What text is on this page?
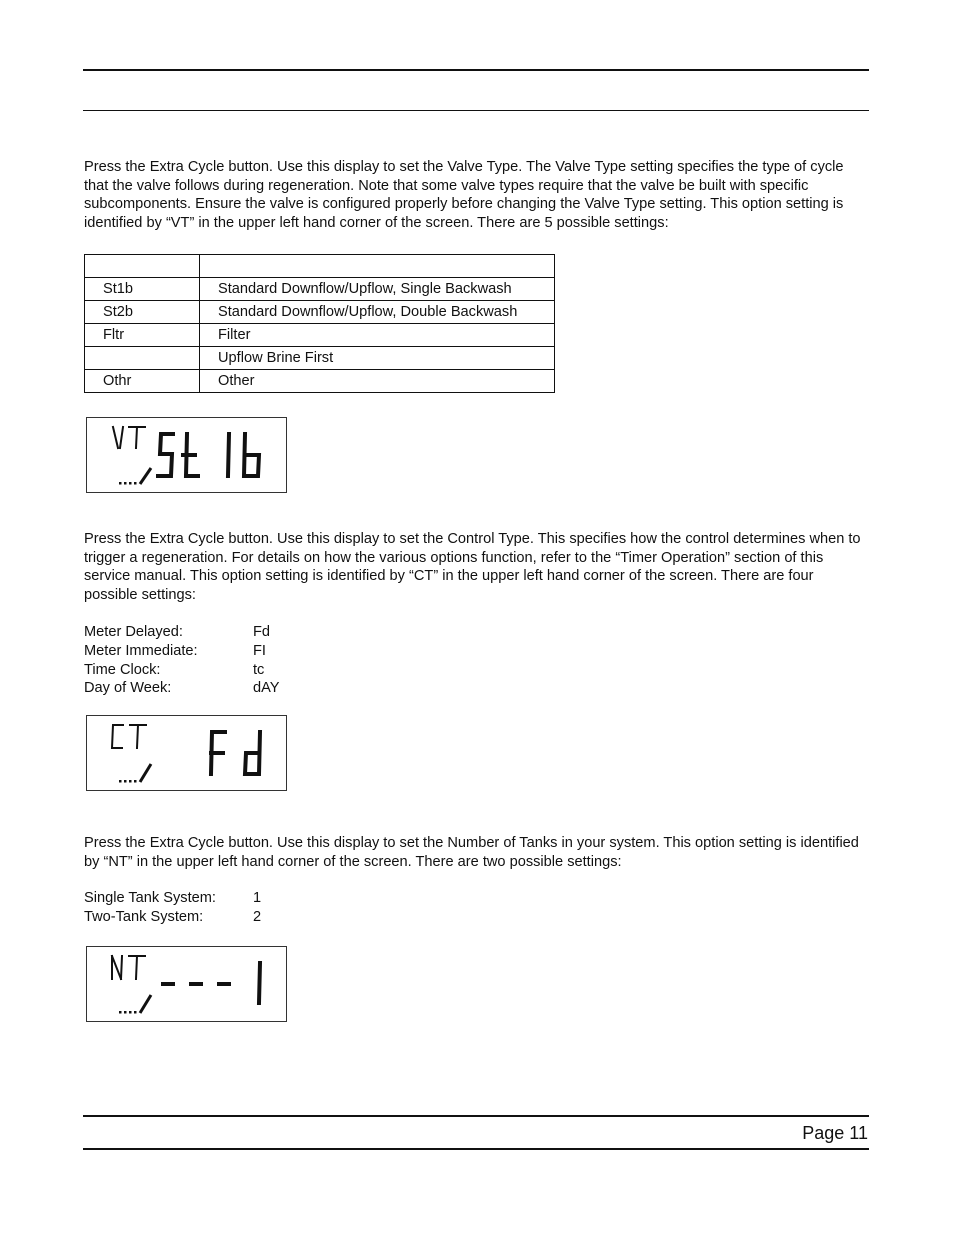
Press the Extra Cycle button. Use this display to set the Valve Type. The Valve Type setting specifies the type of cycle that the valve follows during regeneration. Note that some valve types require that the valve be built with specific subcomponents. Ensure the valve is configured properly before changing the Valve Type setting. This option setting is identified by “VT” in the upper left hand corner of the screen. There are 5 possible settings:

St1b	Standard Downflow/Upflow, Single Backwash
St2b	Standard Downflow/Upflow, Double Backwash
Fltr	Filter
	Upflow Brine First
Othr	Other

Press the Extra Cycle button. Use this display to set the Control Type. This specifies how the control determines when to trigger a regeneration. For details on how the various options function, refer to the “Timer Operation” section of this service manual. This option setting is identified by “CT” in the upper left hand corner of the screen. There are four possible settings:

Meter Delayed:	Fd
Meter Immediate:	FI
Time Clock:	tc
Day of Week:	dAY

Press the Extra Cycle button. Use this display to set the Number of Tanks in your system. This option setting is identified by “NT” in the upper left hand corner of the screen. There are two possible settings:

Single Tank System:	1
Two-Tank System:	2
Page 11
